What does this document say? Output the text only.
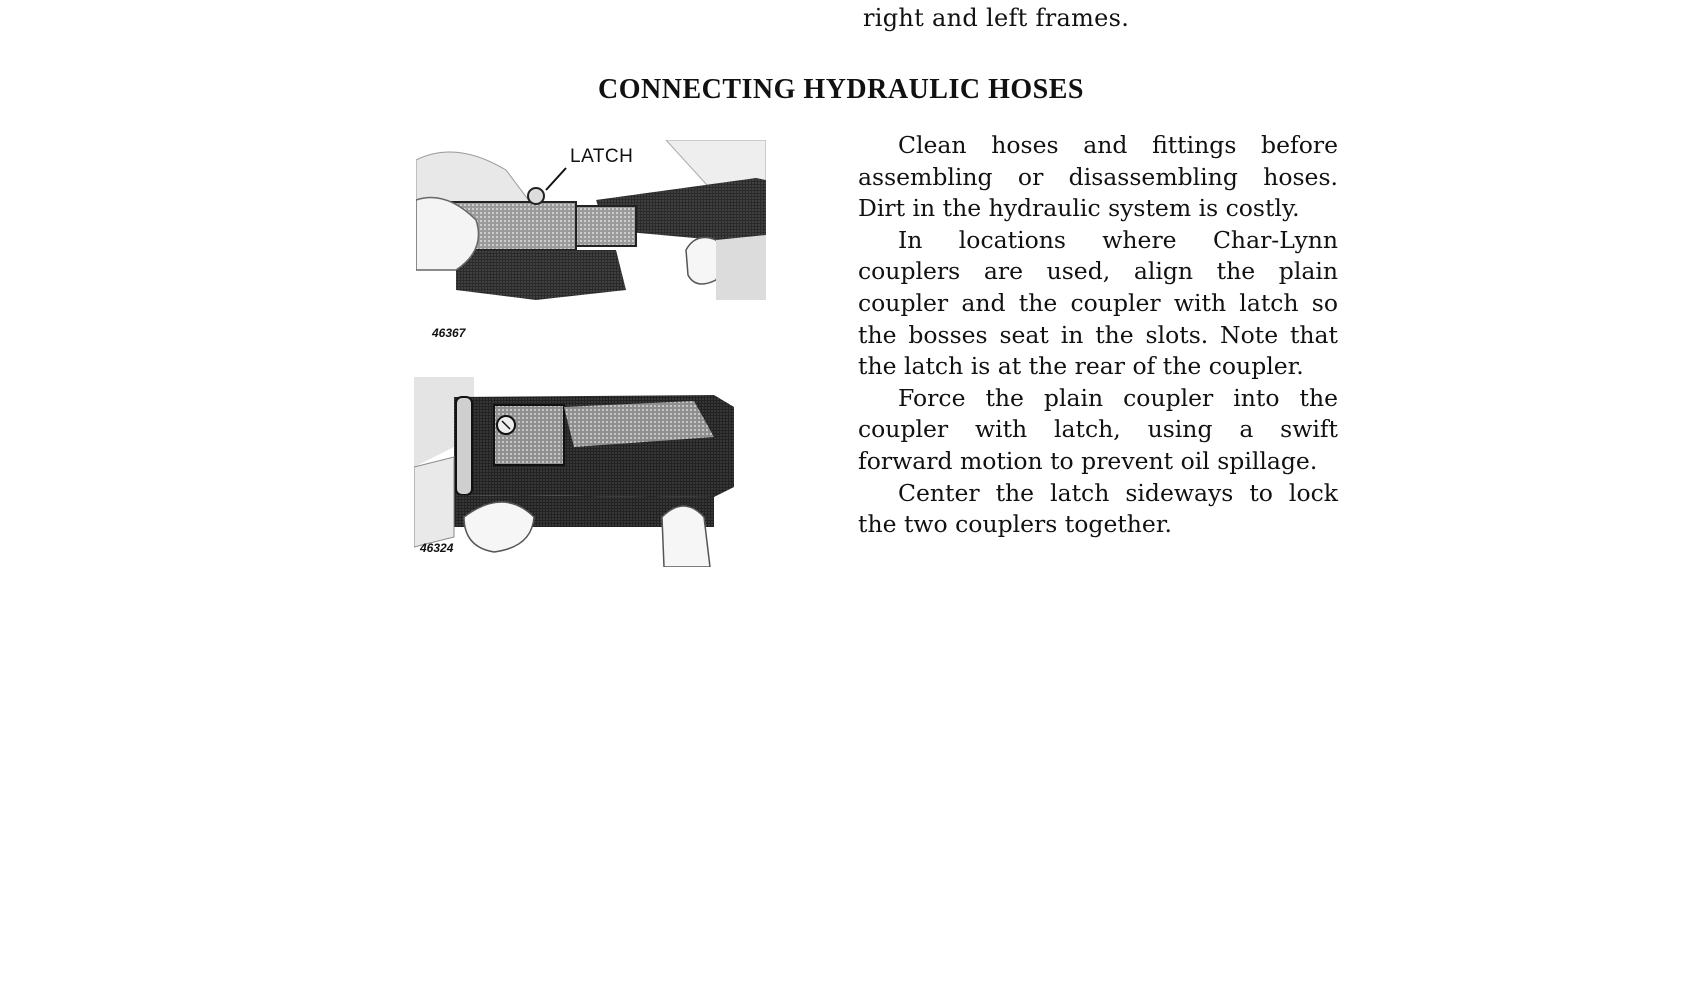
right and left frames.
CONNECTING HYDRAULIC HOSES
LATCH
46367
46324

Clean hoses and fittings before assembling or disassembling hoses. Dirt in the hydraulic system is costly.

In locations where Char-Lynn couplers are used, align the plain coupler and the coupler with latch so the bosses seat in the slots. Note that the latch is at the rear of the coupler.

Force the plain coupler into the coupler with latch, using a swift forward motion to prevent oil spillage.

Center the latch sideways to lock the two couplers together.
